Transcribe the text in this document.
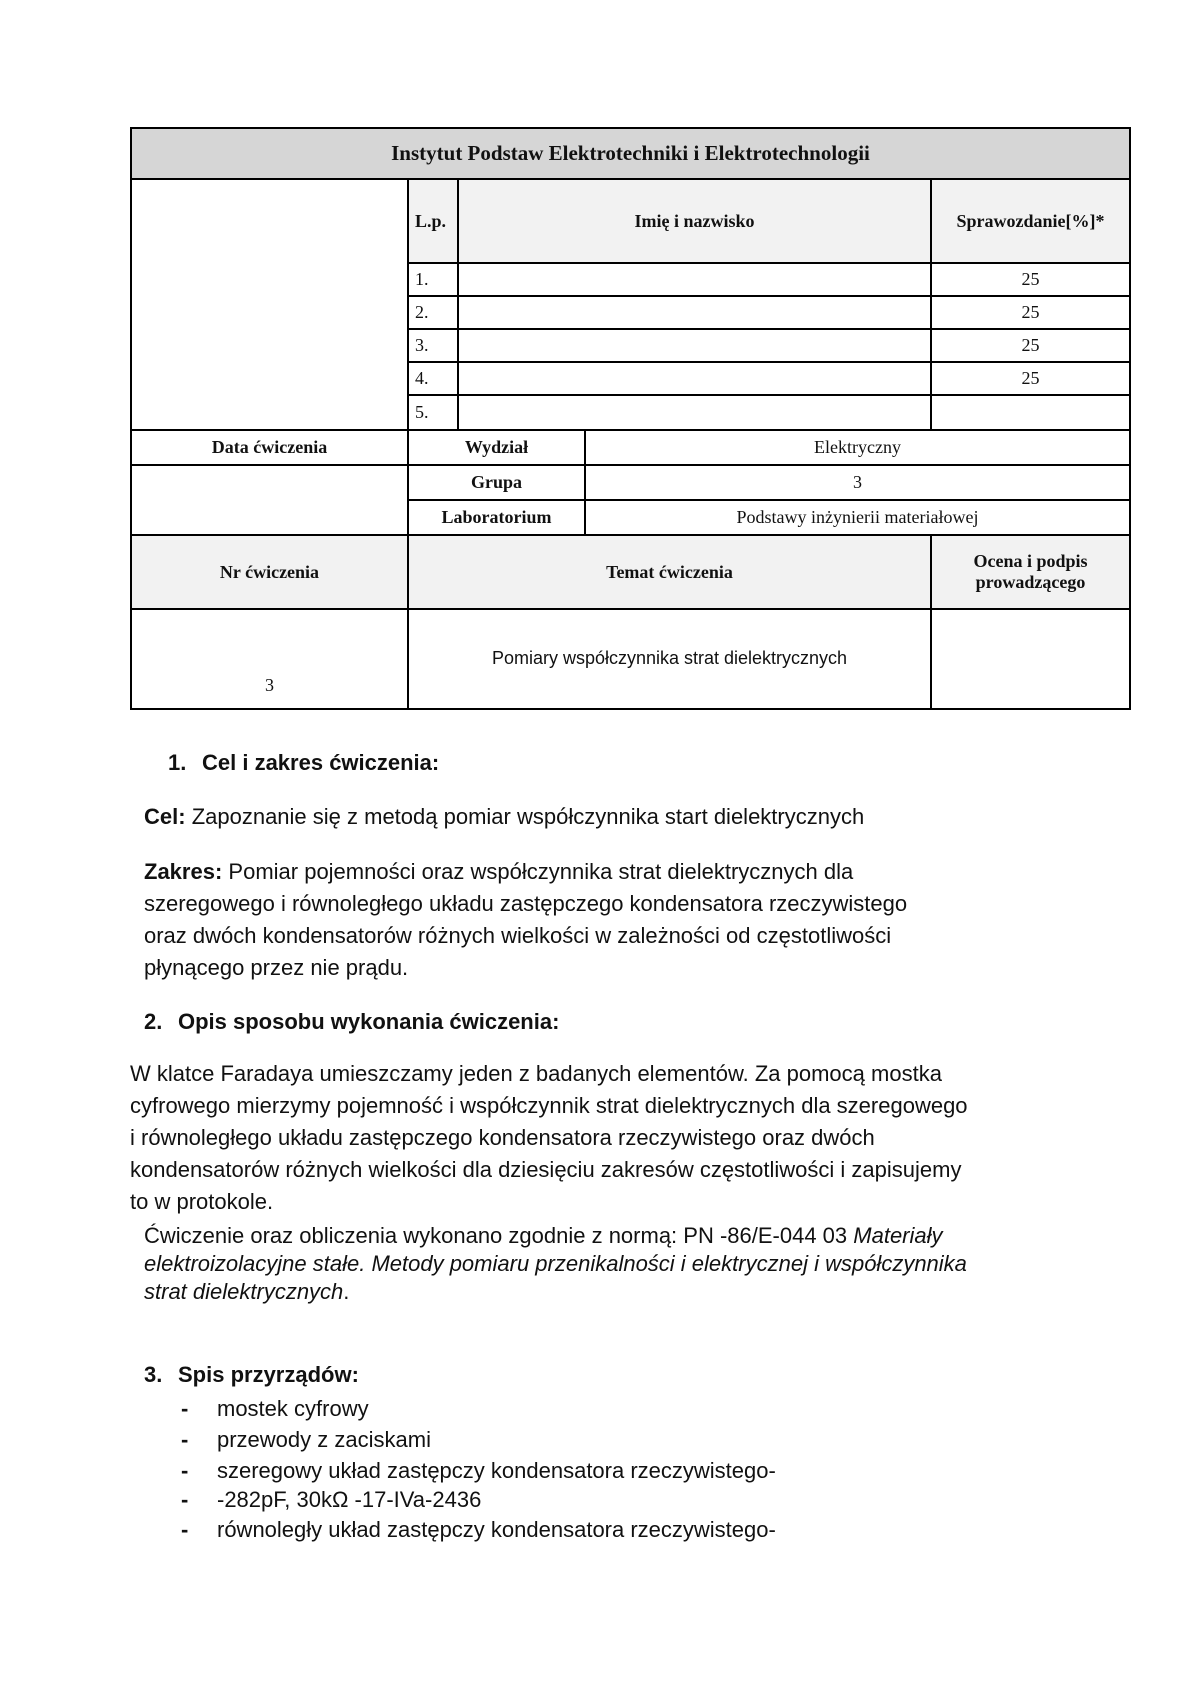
Instytut Podstaw Elektrotechniki i Elektrotechnologii				
	L.p.	Imię i nazwisko		Sprawozdanie[%]*
	1.			25
	2.			25
	3.			25
	4.			25
	5.			
Data ćwiczenia	Wydział		Elektryczny	
	Grupa		3	
	Laboratorium		Podstawy inżynierii materiałowej	
Nr ćwiczenia	Temat ćwiczenia			Ocena i podpis prowadzącego
3	Pomiary współczynnika strat dielektrycznych			

1. Cel i zakres ćwiczenia:

Cel: Zapoznanie się z metodą pomiar współczynnika start dielektrycznych

Zakres: Pomiar pojemności oraz współczynnika strat dielektrycznych dla
szeregowego i równoległego układu zastępczego kondensatora rzeczywistego
oraz dwóch kondensatorów różnych wielkości w zależności od częstotliwości
płynącego przez nie prądu.

2. Opis sposobu wykonania ćwiczenia:

W klatce Faradaya umieszczamy jeden z badanych elementów. Za pomocą mostka
cyfrowego mierzymy pojemność i współczynnik strat dielektrycznych dla szeregowego
i równoległego układu zastępczego kondensatora rzeczywistego oraz dwóch
kondensatorów różnych wielkości dla dziesięciu zakresów częstotliwości i zapisujemy
to w protokole.
Ćwiczenie oraz obliczenia wykonano zgodnie z normą: PN -86/E-044 03 Materiały
elektroizolacyjne stałe. Metody pomiaru przenikalności i elektrycznej i współczynnika
strat dielektrycznych.

3. Spis przyrządów:

- mostek cyfrowy
- przewody z zaciskami
- szeregowy układ zastępczy kondensatora rzeczywistego-
- -282pF, 30kΩ -17-IVa-2436
- równoległy układ zastępczy kondensatora rzeczywistego-
